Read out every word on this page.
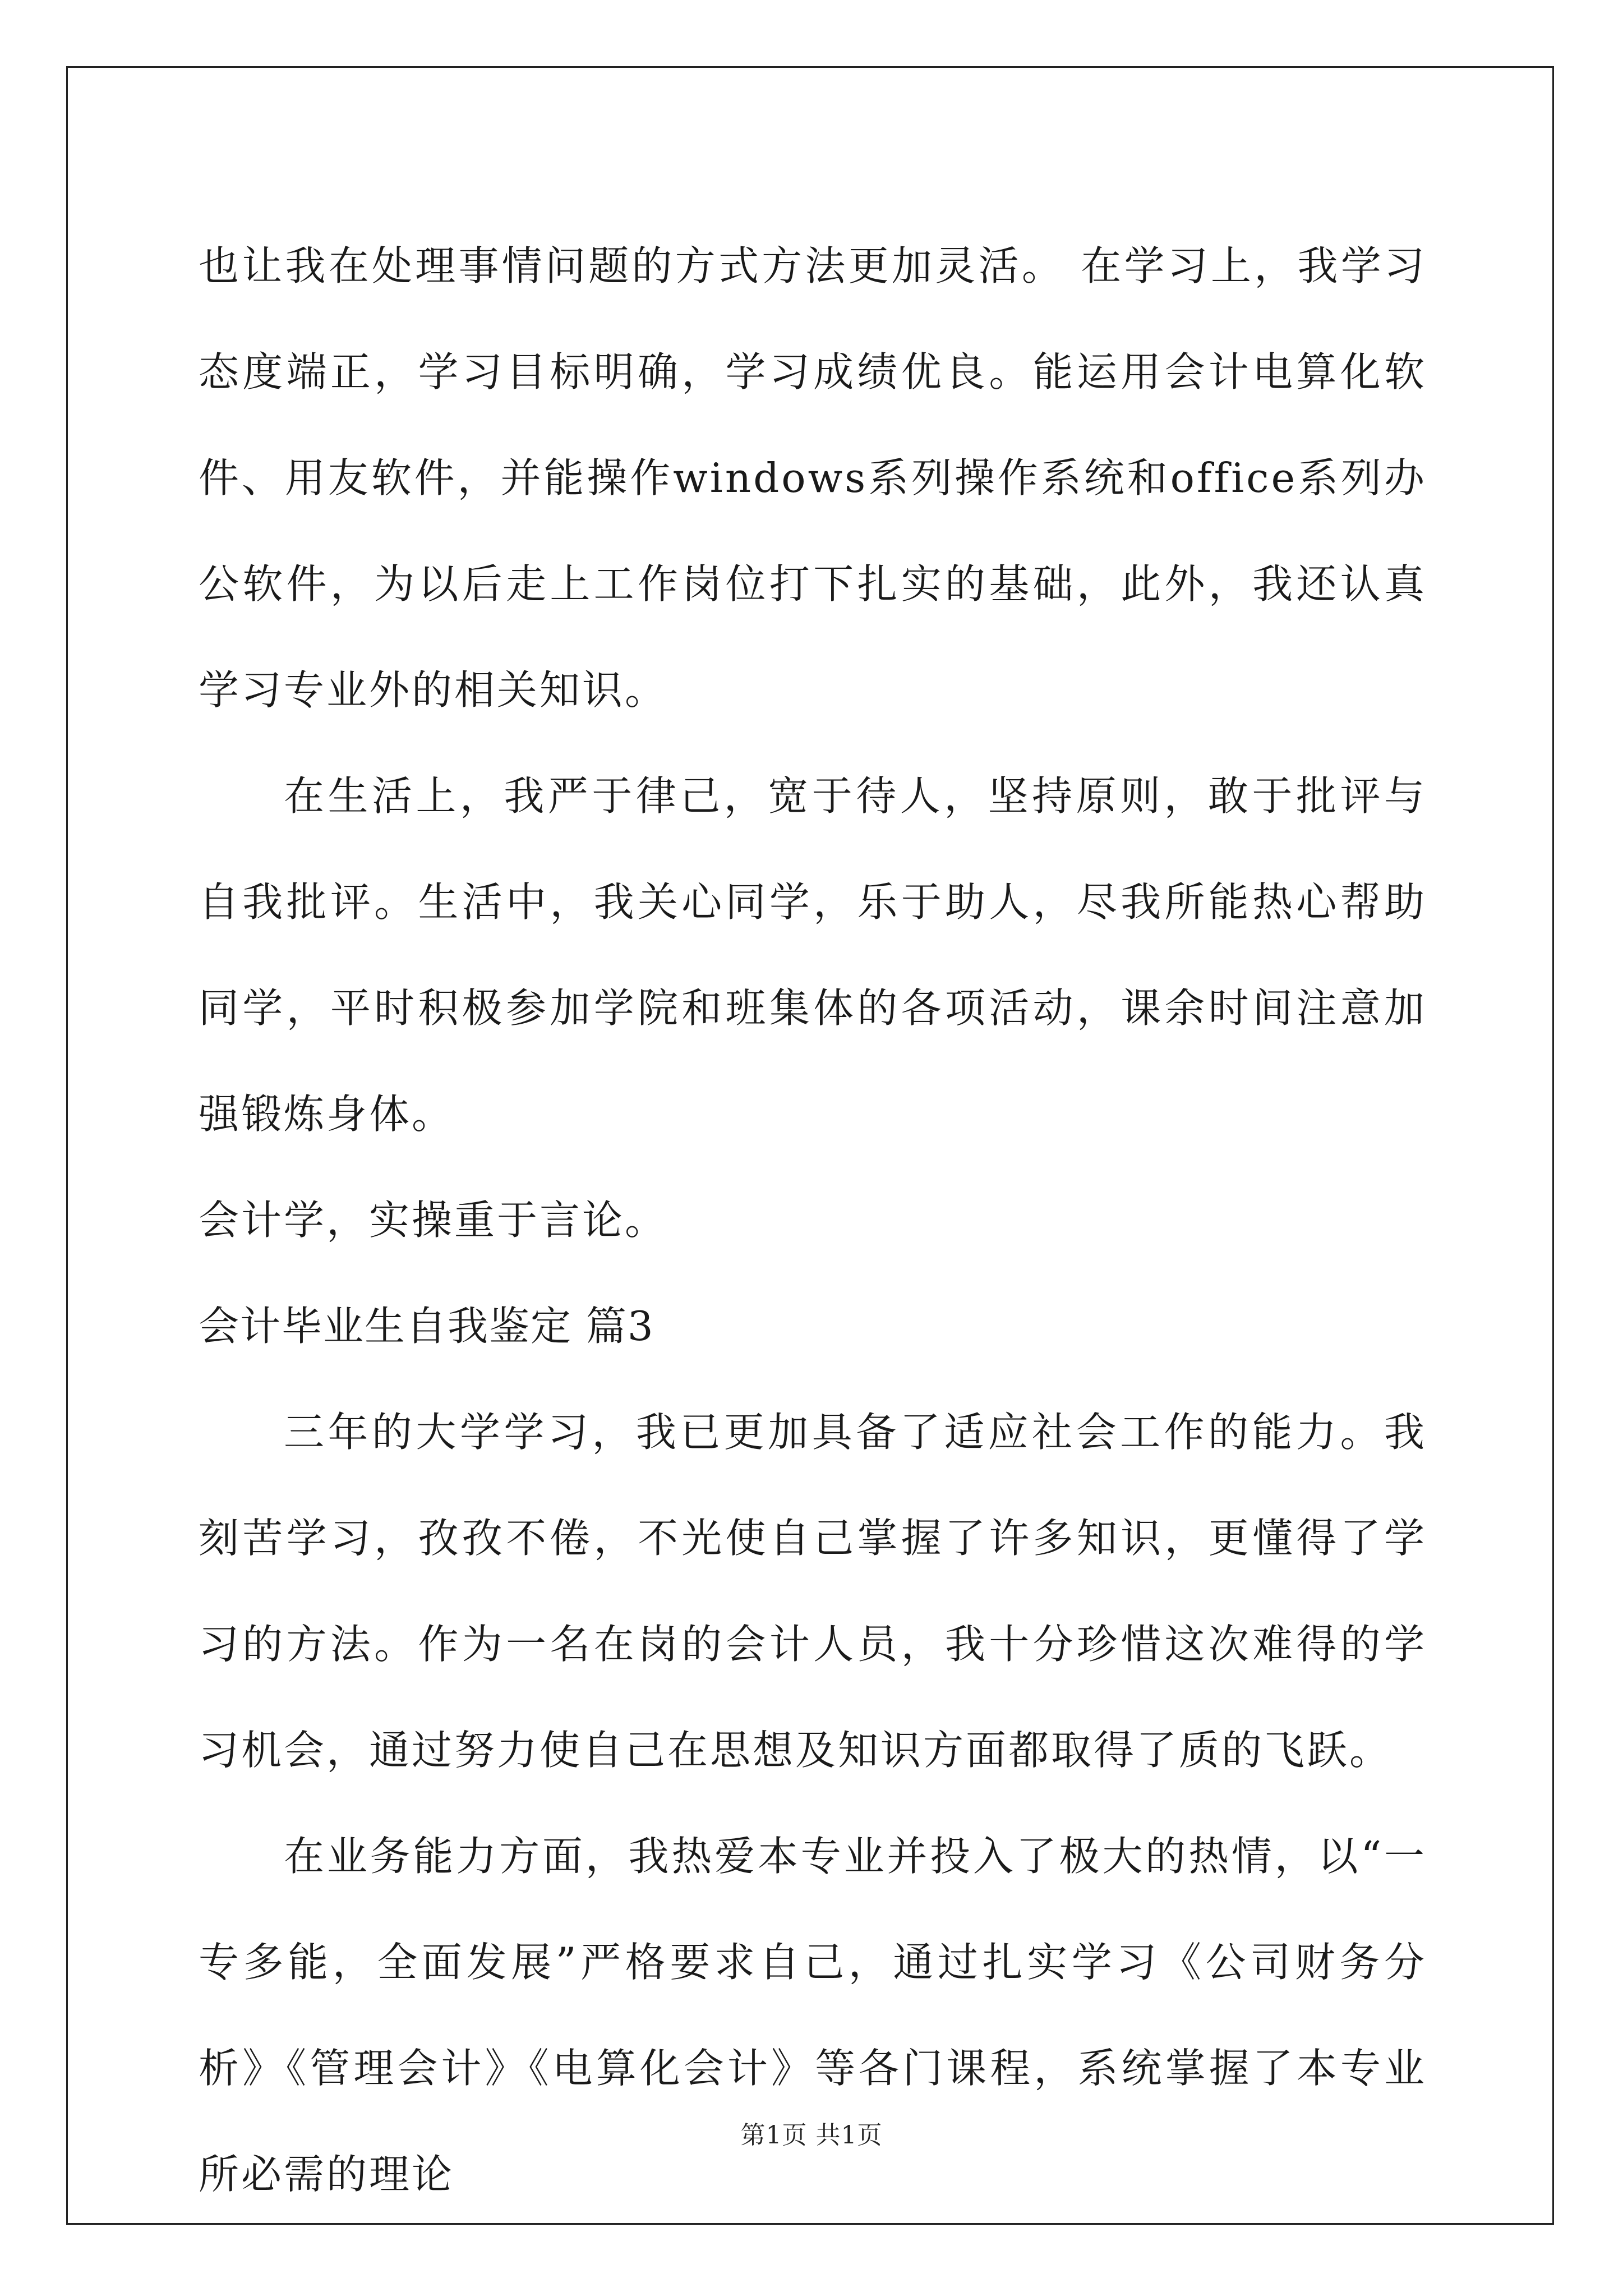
也让我在处理事情问题的方式方法更加灵活。 在学习上，我学习态度端正，学习目标明确，学习成绩优良。能运用会计电算化软件、用友软件，并能操作windows系列操作系统和office系列办公软件，为以后走上工作岗位打下扎实的基础，此外，我还认真学习专业外的相关知识。

在生活上，我严于律己，宽于待人，坚持原则，敢于批评与自我批评。生活中，我关心同学，乐于助人，尽我所能热心帮助同学，平时积极参加学院和班集体的各项活动，课余时间注意加强锻炼身体。

会计学，实操重于言论。

会计毕业生自我鉴定 篇3

三年的大学学习，我已更加具备了适应社会工作的能力。我刻苦学习，孜孜不倦，不光使自己掌握了许多知识，更懂得了学习的方法。作为一名在岗的会计人员，我十分珍惜这次难得的学习机会，通过努力使自己在思想及知识方面都取得了质的飞跃。

在业务能力方面，我热爱本专业并投入了极大的热情，以“一专多能，全面发展”严格要求自己，通过扎实学习《公司财务分析》《管理会计》《电算化会计》等各门课程，系统掌握了本专业所必需的理论

第1页 共1页
